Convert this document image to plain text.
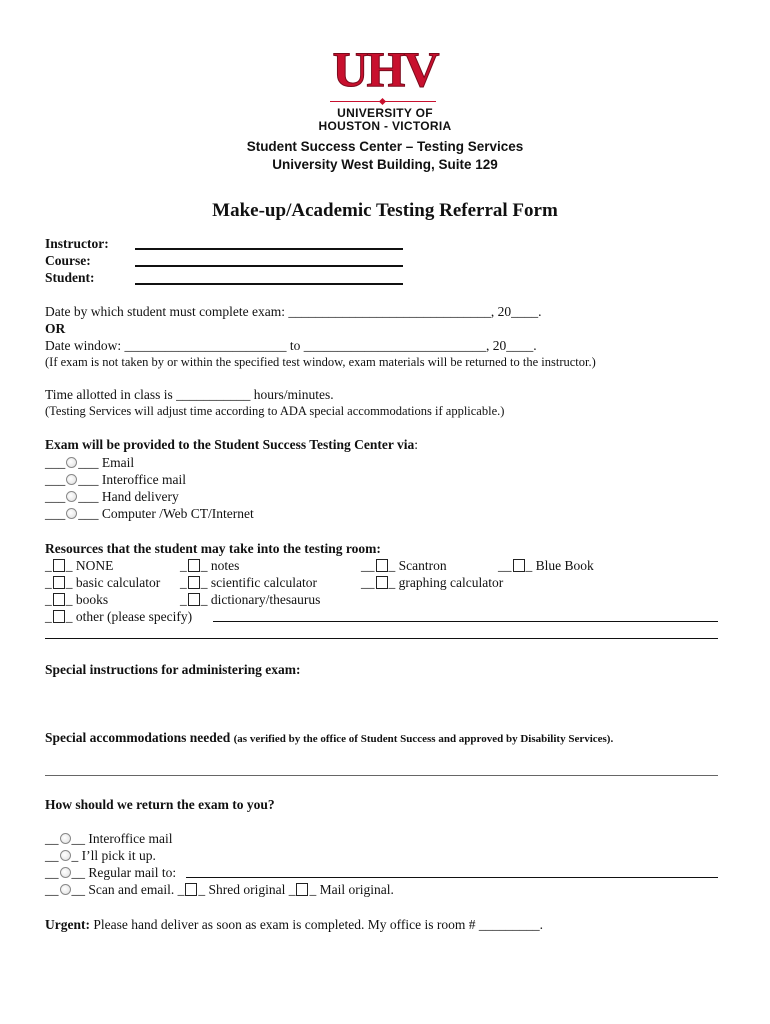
UHV
UNIVERSITY OF
HOUSTON - VICTORIA
Student Success Center – Testing Services
University West Building, Suite 129
Make-up/Academic Testing Referral Form
Instructor:
Course:
Student:
Date by which student must complete exam: ______________________________, 20____.
OR
Date window: ________________________ to ___________________________, 20____.
(If exam is not taken by or within the specified test window, exam materials will be returned to the instructor.)
Time allotted in class is ___________ hours/minutes.
(Testing Services will adjust time according to ADA special accommodations if applicable.)
Exam will be provided to the Student Success Testing Center via:
___ ___ Email
___ ___ Interoffice mail
___ ___ Hand delivery
___ ___ Computer /Web CT/Internet
Resources that the student may take into the testing room:
_ _ NONE	_ _ notes	__ _ Scantron	__ _ Blue Book
_ _ basic calculator _ _ scientific calculator	__ _ graphing calculator
_ _ books	_ _ dictionary/thesaurus
_ _ other (please specify)
Special instructions for administering exam:
Special accommodations needed (as verified by the office of Student Success and approved by Disability Services).
How should we return the exam to you?
__ __ Interoffice mail
__ _ I’ll pick it up.
__ __ Regular mail to:
__ __ Scan and email. _ _ Shred original _ _ Mail original.
Urgent: Please hand deliver as soon as exam is completed. My office is room # _________.
